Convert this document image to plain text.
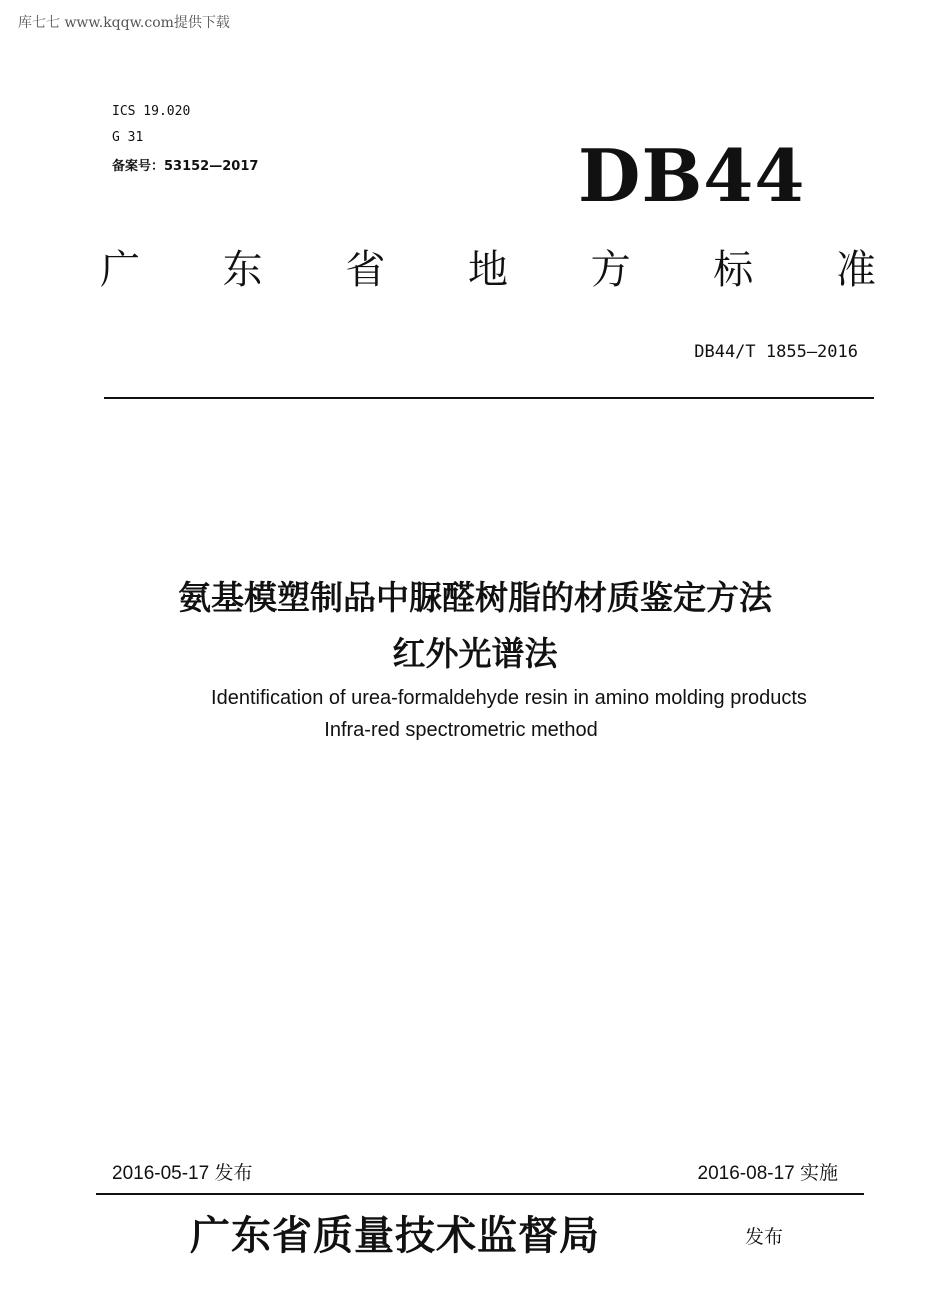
库七七 www.kqqw.com提供下载
ICS 19.020
G 31
备案号：53152—2017	DB44
广 东 省 地 方 标 准
DB44/T 1855—2016
氨基模塑制品中脲醛树脂的材质鉴定方法
红外光谱法
Identification of urea-formaldehyde resin in amino molding products
Infra-red spectrometric method
2016-05-17 发布	2016-08-17 实施
广东省质量技术监督局	发布
